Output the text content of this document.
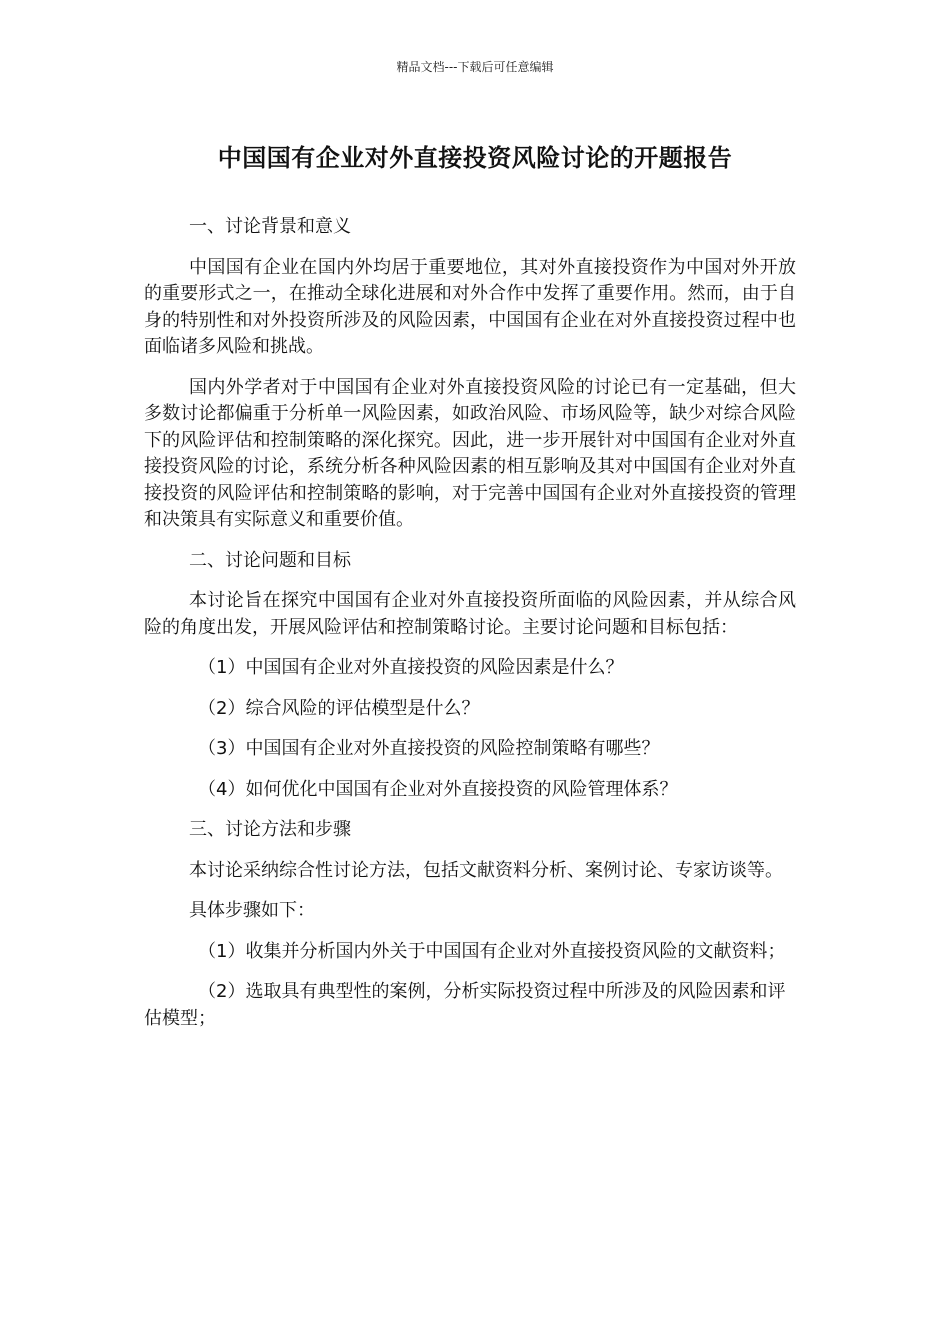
精品文档---下载后可任意编辑
中国国有企业对外直接投资风险讨论的开题报告

一、讨论背景和意义

中国国有企业在国内外均居于重要地位，其对外直接投资作为中国对外开放的重要形式之一，在推动全球化进展和对外合作中发挥了重要作用。然而，由于自身的特别性和对外投资所涉及的风险因素，中国国有企业在对外直接投资过程中也面临诸多风险和挑战。

国内外学者对于中国国有企业对外直接投资风险的讨论已有一定基础，但大多数讨论都偏重于分析单一风险因素，如政治风险、市场风险等，缺少对综合风险下的风险评估和控制策略的深化探究。因此，进一步开展针对中国国有企业对外直接投资风险的讨论，系统分析各种风险因素的相互影响及其对中国国有企业对外直接投资的风险评估和控制策略的影响，对于完善中国国有企业对外直接投资的管理和决策具有实际意义和重要价值。

二、讨论问题和目标

本讨论旨在探究中国国有企业对外直接投资所面临的风险因素，并从综合风险的角度出发，开展风险评估和控制策略讨论。主要讨论问题和目标包括：

（1）中国国有企业对外直接投资的风险因素是什么？

（2）综合风险的评估模型是什么？

（3）中国国有企业对外直接投资的风险控制策略有哪些？

（4）如何优化中国国有企业对外直接投资的风险管理体系？

三、讨论方法和步骤

本讨论采纳综合性讨论方法，包括文献资料分析、案例讨论、专家访谈等。

具体步骤如下：

（1）收集并分析国内外关于中国国有企业对外直接投资风险的文献资料；

（2）选取具有典型性的案例，分析实际投资过程中所涉及的风险因素和评估模型；
